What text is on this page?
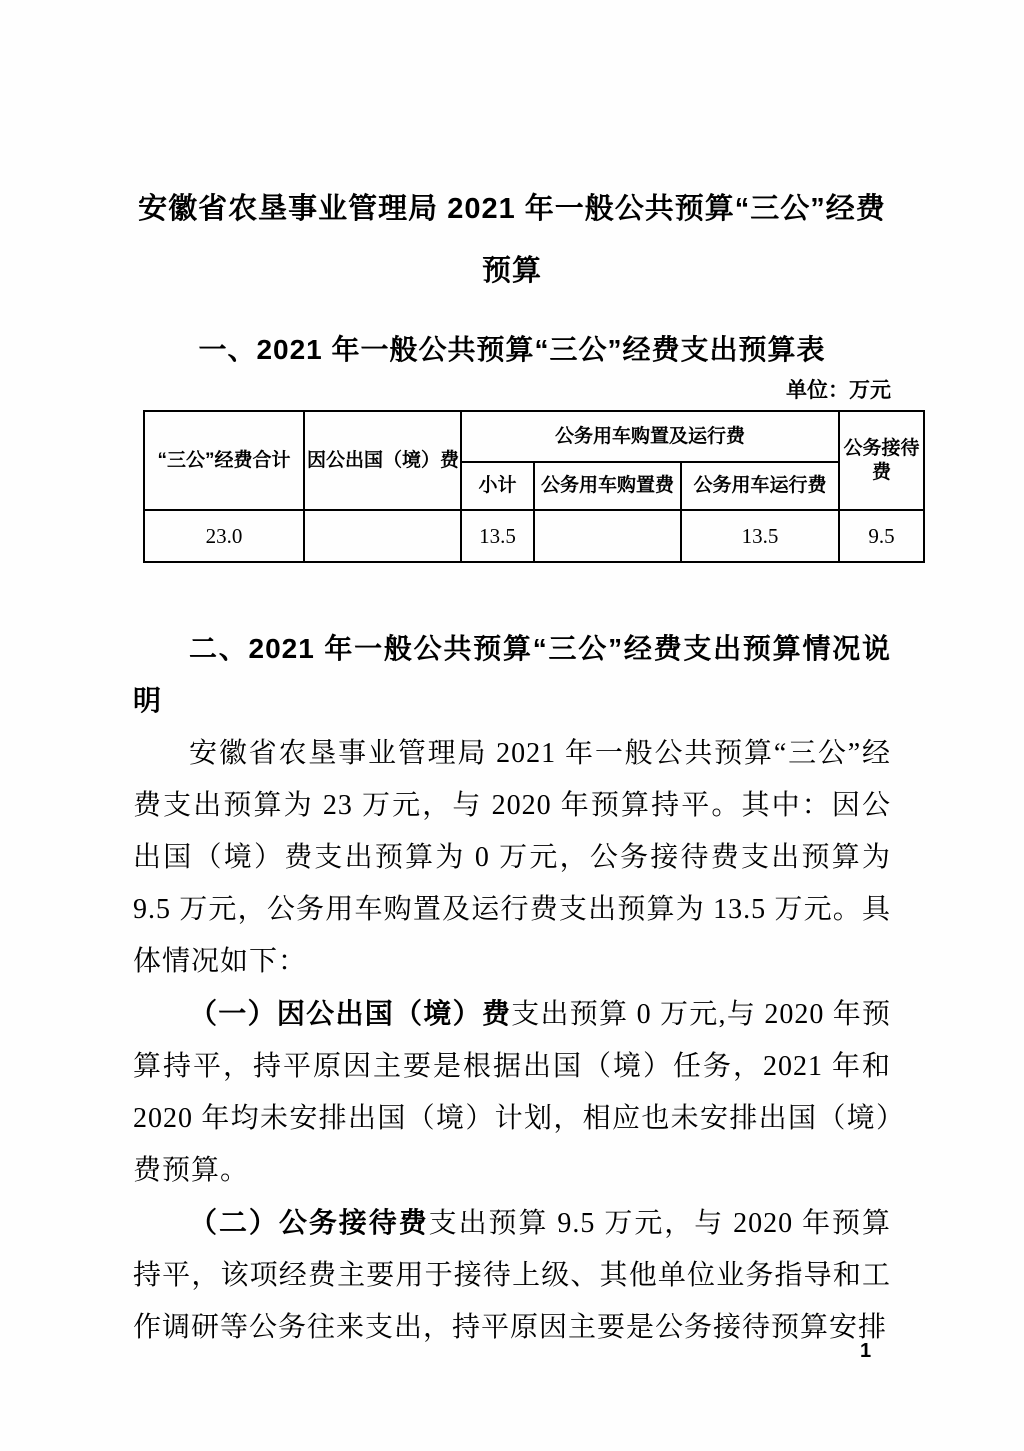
安徽省农垦事业管理局 2021 年一般公共预算“三公”经费
预算
一、2021 年一般公共预算“三公”经费支出预算表
单位：万元
“三公”经费合计	因公出国（境）费	公务用车购置及运行费			公务接待费
		小计	公务用车购置费	公务用车运行费	
23.0		13.5		13.5	9.5
二、2021 年一般公共预算“三公”经费支出预算情况说明

安徽省农垦事业管理局 2021 年一般公共预算“三公”经费支出预算为 23 万元，与 2020 年预算持平。其中：因公出国（境）费支出预算为 0 万元，公务接待费支出预算为 9.5 万元，公务用车购置及运行费支出预算为 13.5 万元。具体情况如下：

（一）因公出国（境）费支出预算 0 万元,与 2020 年预算持平，持平原因主要是根据出国（境）任务，2021 年和 2020 年均未安排出国（境）计划，相应也未安排出国（境）费预算。

（二）公务接待费支出预算 9.5 万元，与 2020 年预算持平，该项经费主要用于接待上级、其他单位业务指导和工作调研等公务往来支出，持平原因主要是公务接待预算安排

1
